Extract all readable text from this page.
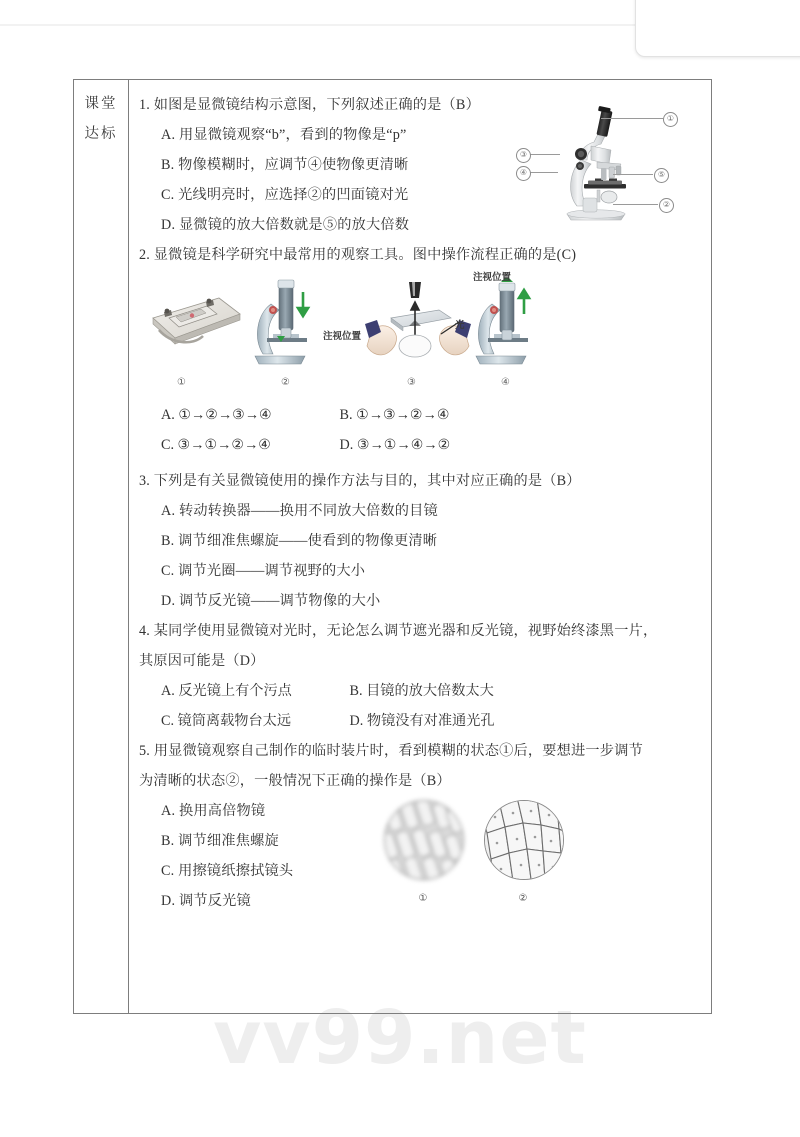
vv99.net
课堂
达标

①
③
④	⑤
②
1. 如图是显微镜结构示意图，下列叙述正确的是（B）
A. 用显微镜观察“b”，看到的物像是“p”
B. 物像模糊时，应调节④使物像更清晰
C. 光线明亮时，应选择②的凹面镜对光
D. 显微镜的放大倍数就是⑤的放大倍数
2. 显微镜是科学研究中最常用的观察工具。图中操作流程正确的是(C)
①
注视位置
②
光
③
注视位置
④
A. ①→②→③→④	B. ①→③→②→④
C. ③→①→②→④	D. ③→①→④→②
3. 下列是有关显微镜使用的操作方法与目的，其中对应正确的是（B）
A. 转动转换器——换用不同放大倍数的目镜
B. 调节细准焦螺旋——使看到的物像更清晰
C. 调节光圈——调节视野的大小
D. 调节反光镜——调节物像的大小
4. 某同学使用显微镜对光时，无论怎么调节遮光器和反光镜，视野始终漆黑一片，
其原因可能是（D）
A. 反光镜上有个污点	B. 目镜的放大倍数太大
C. 镜筒离载物台太远	D. 物镜没有对准通光孔
5. 用显微镜观察自己制作的临时装片时，看到模糊的状态①后，要想进一步调节
为清晰的状态②，一般情况下正确的操作是（B）
①	②
A. 换用高倍物镜
B. 调节细准焦螺旋
C. 用擦镜纸擦拭镜头
D. 调节反光镜
